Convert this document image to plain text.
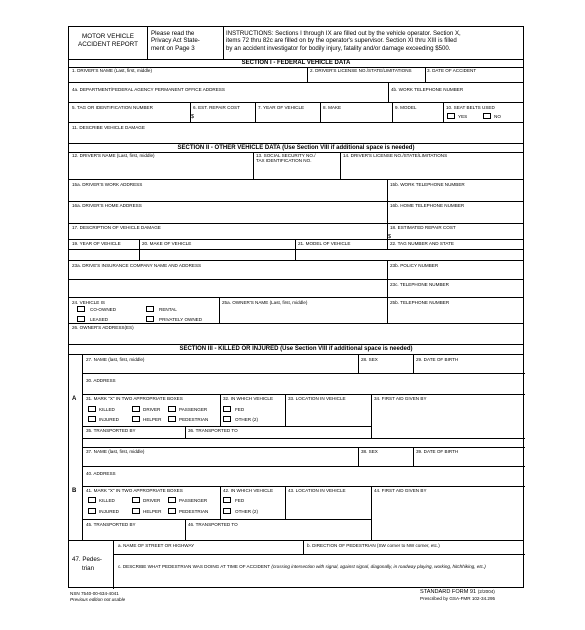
MOTOR VEHICLE
ACCIDENT REPORT
Please read the
Privacy Act State-
ment on Page 3
INSTRUCTIONS: Sections I through IX are filled out by the vehicle operator. Section X,
items 72 thru 82c are filled on by the operator's supervisor. Section XI thru XIII is filled
by an accident investigator for bodily injury, fatality and/or damage exceeding $500.
SECTION I - FEDERAL VEHICLE DATA
1. DRIVER'S NAME (Last, first, middle)	2. DRIVER'S LICENSE NO./STATE/LIMITATIONS	3. DATE OF ACCIDENT
4a. DEPARTMENT/FEDERAL AGENCY PERMANENT OFFICE ADDRESS	4b. WORK TELEPHONE NUMBER
5. TAG OR IDENTIFICATION NUMBER	6. EST. REPAIR COST
$
7. YEAR OF VEHICLE	8. MAKE	9. MODEL	10. SEAT BELTS USED
YES	NO
11. DESCRIBE VEHICLE DAMAGE
SECTION II - OTHER VEHICLE DATA (Use Section VIII if additional space is needed)
12. DRIVER'S NAME (Last, first, middle)	13. SOCIAL SECURITY NO./
TAX IDENTIFICATION NO.
14. DRIVER'S LICENSE NO./STATE/LIMITATIONS
15a. DRIVER'S WORK ADDRESS	15b. WORK TELEPHONE NUMBER
16a. DRIVER'S HOME ADDRESS	16b. HOME TELEPHONE NUMBER
17. DESCRIPTION OF VEHICLE DAMAGE	18. ESTIMATED REPAIR COST
$
19. YEAR OF VEHICLE	20. MAKE OF VEHICLE	21. MODEL OF VEHICLE	22. TAG NUMBER AND STATE
23a. DRIVE'S INSURANCE COMPANY NAME AND ADDRESS	23b. POLICY NUMBER
23c. TELEPHONE NUMBER
24. VEHICLE IS
CO-OWNED	RENTAL
LEASED	PRIVATELY OWNED
25a. OWNER'S NAME (Last, first, middle)	25b. TELEPHONE NUMBER
26. OWNER'S ADDRESS(ES)
SECTION III - KILLED OR INJURED (Use Section VIII if additional space is needed)
A
27. NAME (last, first, middle)	28. SEX	29. DATE OF BIRTH
30. ADDRESS
31. MARK "X" IN TWO APPROPRIATE BOXES
KILLED	DRIVER	PASSENGER
INJURED	HELPER	PEDESTRIAN
32. IN WHICH VEHICLE
FED
OTHER (2)
33. LOCATION IN VEHICLE	34. FIRST AID GIVEN BY
35. TRANSPORTED BY	36. TRANSPORTED TO
B
37. NAME (last, first, middle)	38. SEX	39. DATE OF BIRTH
40. ADDRESS
41. MARK "X" IN TWO APPROPRIATE BOXES
KILLED	DRIVER	PASSENGER
INJURED	HELPER	PEDESTRIAN
42. IN WHICH VEHICLE
FED
OTHER (2)
43. LOCATION IN VEHICLE	44. FIRST AID GIVEN BY
45. TRANSPORTED BY	46. TRANSPORTED TO
47. Pedes-
trian
a. NAME OF STREET OR HIGHWAY	b. DIRECTION OF PEDESTRIAN (SW corner to NW corner, etc.)
c. DESCRIBE WHAT PEDESTRIAN WAS DOING AT TIME OF ACCIDENT (crossing intersection with signal, against signal, diagonally, in roadway playing, working, hitchhiking, etc.)
NSN 7540-00-634-4041
Previous edition not usable
STANDARD FORM 91 (2/2004)
Prescribed by GSA-FMR 102-34.295
